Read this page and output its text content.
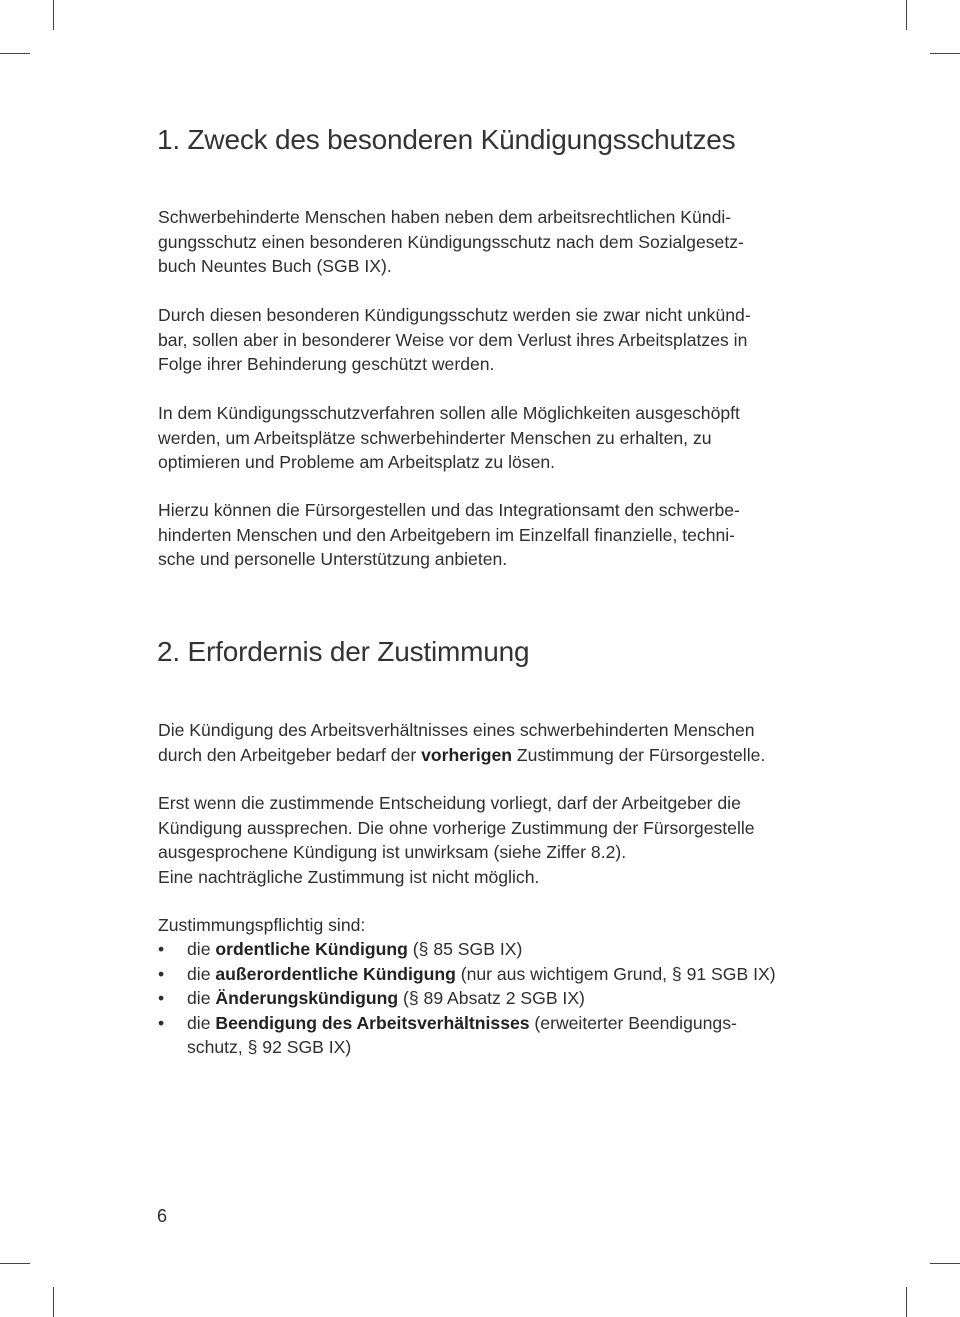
1. Zweck des besonderen Kündigungsschutzes
Schwerbehinderte Menschen haben neben dem arbeitsrechtlichen Kündi-
gungsschutz einen besonderen Kündigungsschutz nach dem Sozialgesetz-
buch Neuntes Buch (SGB IX).
Durch diesen besonderen Kündigungsschutz werden sie zwar nicht unkünd-
bar, sollen aber in besonderer Weise vor dem Verlust ihres Arbeitsplatzes in
Folge ihrer Behinderung geschützt werden.
In dem Kündigungsschutzverfahren sollen alle Möglichkeiten ausgeschöpft
werden, um Arbeitsplätze schwerbehinderter Menschen zu erhalten, zu
optimieren und Probleme am Arbeitsplatz zu lösen.
Hierzu können die Fürsorgestellen und das Integrationsamt den schwerbe-
hinderten Menschen und den Arbeitgebern im Einzelfall finanzielle, techni-
sche und personelle Unterstützung anbieten.
2. Erfordernis der Zustimmung
Die Kündigung des Arbeitsverhältnisses eines schwerbehinderten Menschen
durch den Arbeitgeber bedarf der vorherigen Zustimmung der Fürsorgestelle.
Erst wenn die zustimmende Entscheidung vorliegt, darf der Arbeitgeber die
Kündigung aussprechen. Die ohne vorherige Zustimmung der Fürsorgestelle
ausgesprochene Kündigung ist unwirksam (siehe Ziffer 8.2).
Eine nachträgliche Zustimmung ist nicht möglich.
Zustimmungspflichtig sind:
• die ordentliche Kündigung (§ 85 SGB IX)
• die außerordentliche Kündigung (nur aus wichtigem Grund, § 91 SGB IX)
• die Änderungskündigung (§ 89 Absatz 2 SGB IX)
• die Beendigung des Arbeitsverhältnisses (erweiterter Beendigungs-
schutz, § 92 SGB IX)
6
